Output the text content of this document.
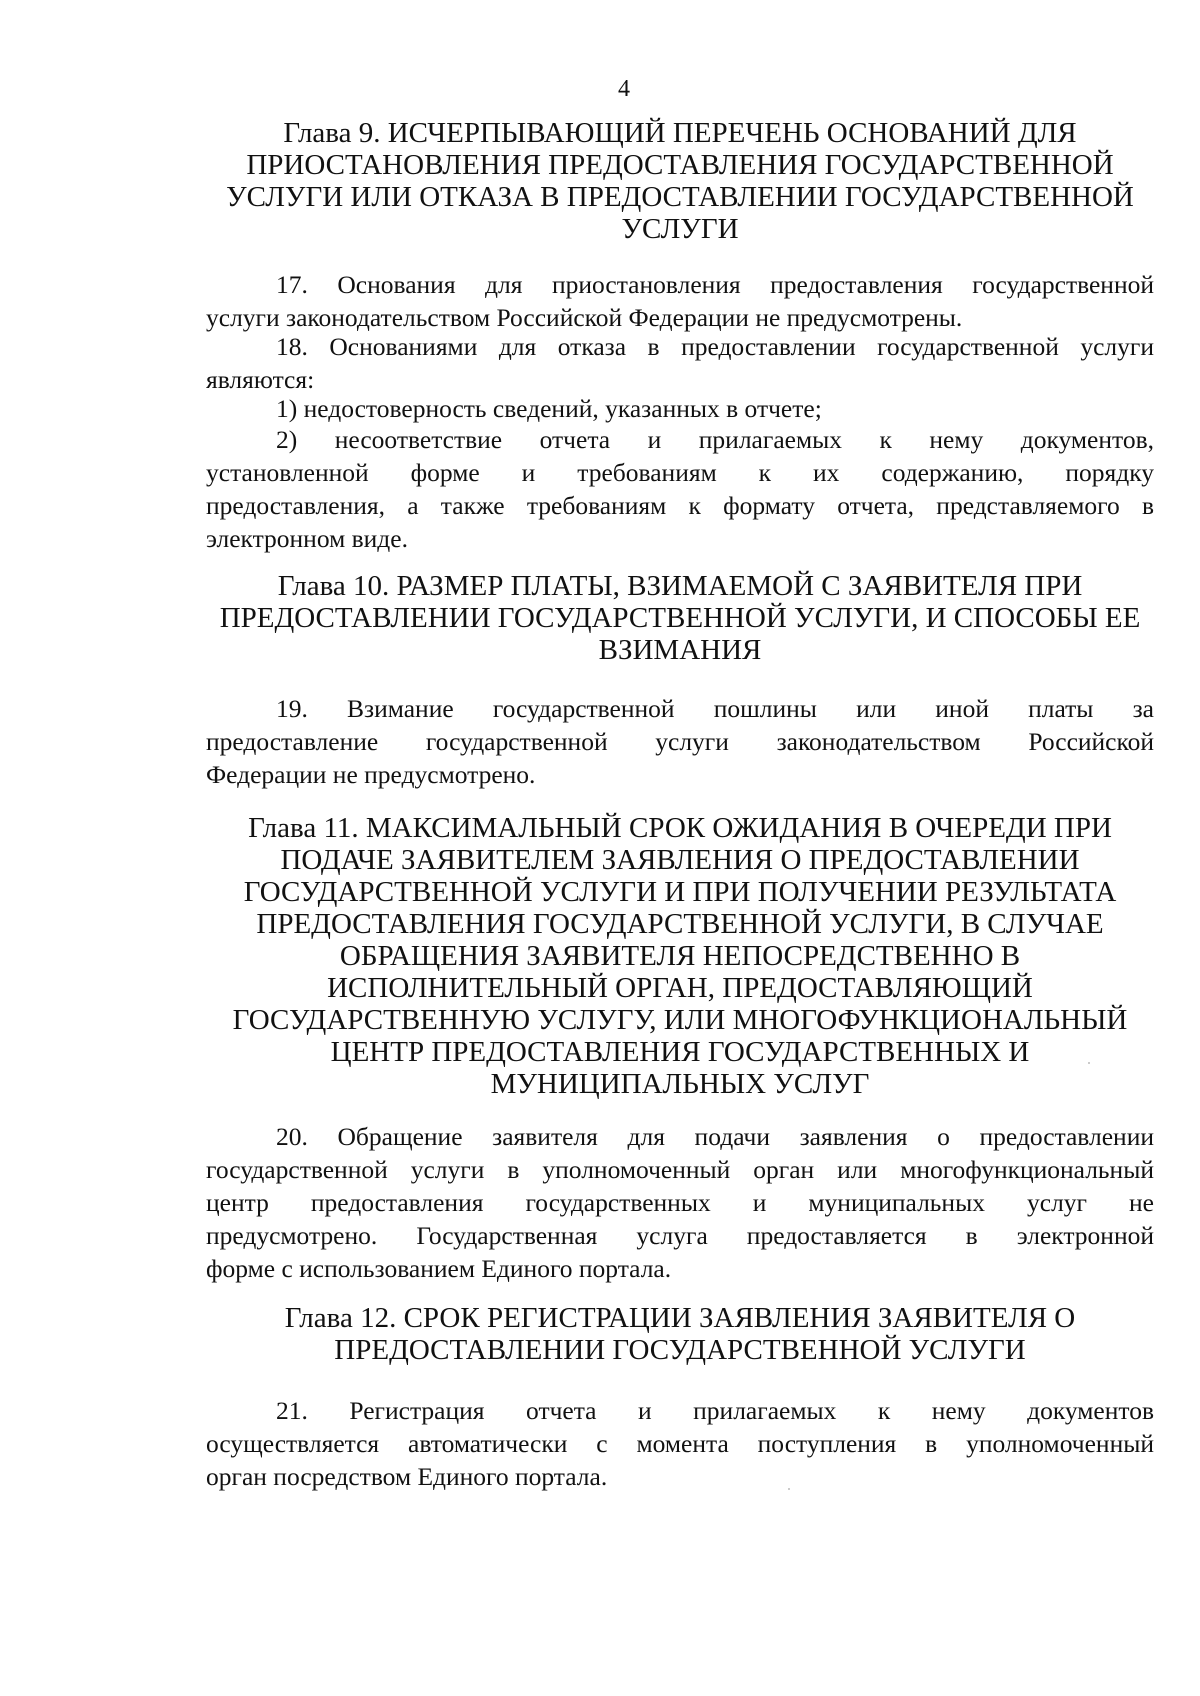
4
Глава 9. ИСЧЕРПЫВАЮЩИЙ ПЕРЕЧЕНЬ ОСНОВАНИЙ ДЛЯ
ПРИОСТАНОВЛЕНИЯ ПРЕДОСТАВЛЕНИЯ ГОСУДАРСТВЕННОЙ
УСЛУГИ ИЛИ ОТКАЗА В ПРЕДОСТАВЛЕНИИ ГОСУДАРСТВЕННОЙ
УСЛУГИ
17. Основания для приостановления предоставления государственной
услуги законодательством Российской Федерации не предусмотрены.
18. Основаниями для отказа в предоставлении государственной услуги
являются:
1) недостоверность сведений, указанных в отчете;
2) несоответствие отчета и прилагаемых к нему документов,
установленной форме и требованиям к их содержанию, порядку
предоставления, а также требованиям к формату отчета, представляемого в
электронном виде.
Глава 10. РАЗМЕР ПЛАТЫ, ВЗИМАЕМОЙ С ЗАЯВИТЕЛЯ ПРИ
ПРЕДОСТАВЛЕНИИ ГОСУДАРСТВЕННОЙ УСЛУГИ, И СПОСОБЫ ЕЕ
ВЗИМАНИЯ
19. Взимание государственной пошлины или иной платы за
предоставление государственной услуги законодательством Российской
Федерации не предусмотрено.
Глава 11. МАКСИМАЛЬНЫЙ СРОК ОЖИДАНИЯ В ОЧЕРЕДИ ПРИ
ПОДАЧЕ ЗАЯВИТЕЛЕМ ЗАЯВЛЕНИЯ О ПРЕДОСТАВЛЕНИИ
ГОСУДАРСТВЕННОЙ УСЛУГИ И ПРИ ПОЛУЧЕНИИ РЕЗУЛЬТАТА
ПРЕДОСТАВЛЕНИЯ ГОСУДАРСТВЕННОЙ УСЛУГИ, В СЛУЧАЕ
ОБРАЩЕНИЯ ЗАЯВИТЕЛЯ НЕПОСРЕДСТВЕННО В
ИСПОЛНИТЕЛЬНЫЙ ОРГАН, ПРЕДОСТАВЛЯЮЩИЙ
ГОСУДАРСТВЕННУЮ УСЛУГУ, ИЛИ МНОГОФУНКЦИОНАЛЬНЫЙ
ЦЕНТР ПРЕДОСТАВЛЕНИЯ ГОСУДАРСТВЕННЫХ И
МУНИЦИПАЛЬНЫХ УСЛУГ
20. Обращение заявителя для подачи заявления о предоставлении
государственной услуги в уполномоченный орган или многофункциональный
центр предоставления государственных и муниципальных услуг не
предусмотрено. Государственная услуга предоставляется в электронной
форме с использованием Единого портала.
Глава 12. СРОК РЕГИСТРАЦИИ ЗАЯВЛЕНИЯ ЗАЯВИТЕЛЯ О
ПРЕДОСТАВЛЕНИИ ГОСУДАРСТВЕННОЙ УСЛУГИ
21. Регистрация отчета и прилагаемых к нему документов
осуществляется автоматически с момента поступления в уполномоченный
орган посредством Единого портала.
